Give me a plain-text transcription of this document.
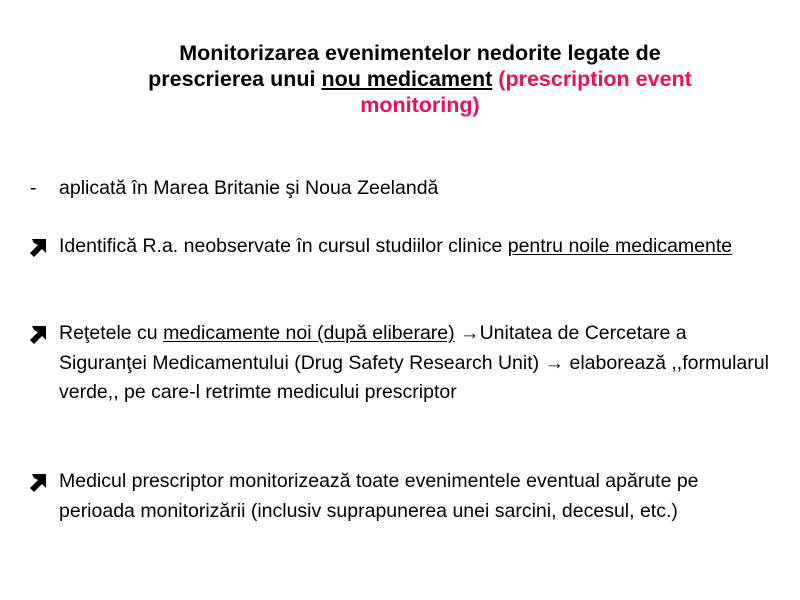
Monitorizarea evenimentelor nedorite legate de
prescrierea unui nou medicament (prescription event
monitoring)
- aplicată în Marea Britanie şi Noua Zeelandă
Identifică R.a. neobservate în cursul studiilor clinice pentru noile medicamente
Reţetele cu medicamente noi (după eliberare) →Unitatea de Cercetare a Siguranţei Medicamentului (Drug Safety Research Unit) → elaborează ,,formularul verde,, pe care-l retrimte medicului prescriptor
Medicul prescriptor monitorizează toate evenimentele eventual apărute pe perioada monitorizării (inclusiv suprapunerea unei sarcini, decesul, etc.)
